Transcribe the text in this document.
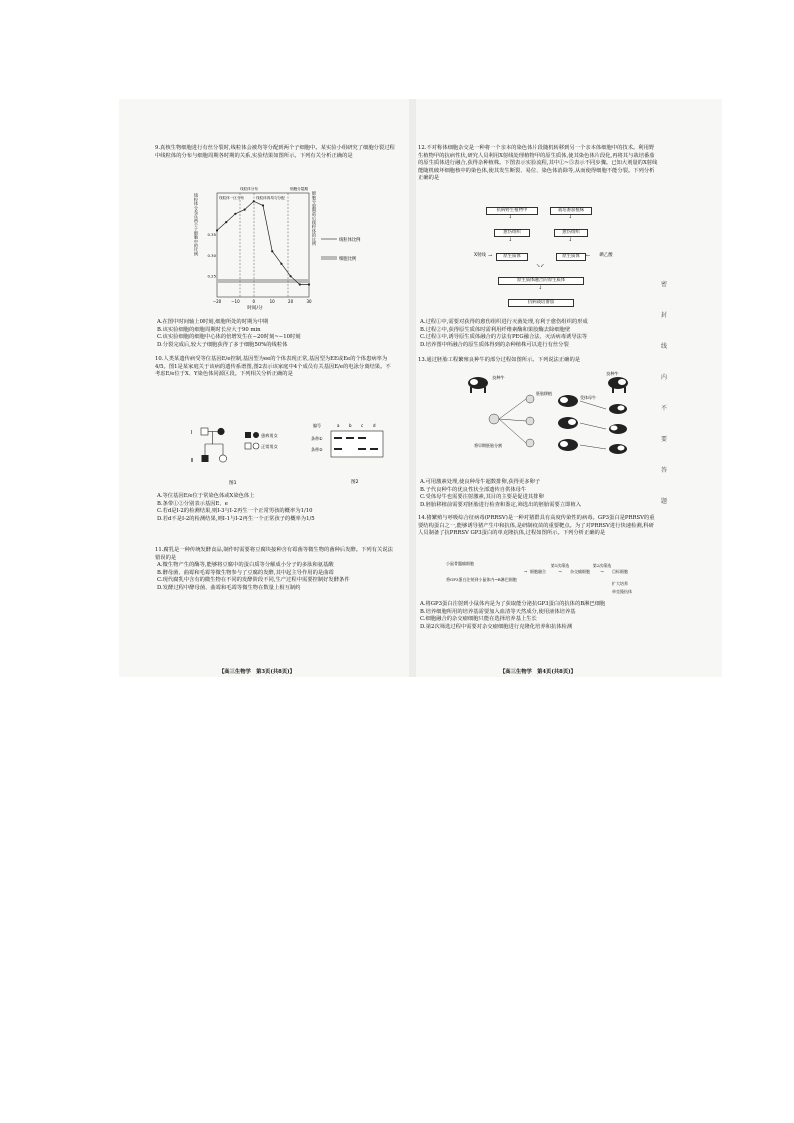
9.真核生物细胞进行有丝分裂时,线粒体会被均等分配到两个子细胞中。某实验小组研究了细胞分裂过程中线粒体的分布与细胞周期各时期的关系,实验结果如图所示。下列有关分析正确的是

−20 −10	0	10	20	30
0.35
0.30
0.25
线粒体比例
细胞比例
时间/分
线粒体一区分布
线粒体分布
线粒体再均匀分配
细胞分裂期
线粒体分布在两个子细胞中的比例	细胞分裂期前后线粒体的比例

A.在图中时间轴上0时刻,细胞所处的时期为中期

B.该实验细胞的细胞周期时长应大于90 min

C.该实验细胞的细胞中心体的倍增发生在−20时刻~−10时刻

D.分裂完成后,较大子细胞获得了多于细胞50%的线粒体

10.人类某遗传病受等位基因E/e控制,基因型为ee的个体表现正常,基因型为EE或Ee的个体患病率为4/5。图1是某家庭关于该病的遗传系谱图,图2表示该家庭中4个成员有关基因E/e的电泳分离结果。不考虑E/e位于X、Y染色体同源区段。下列相关分析正确的是

Ⅰ
Ⅱ
患病男女
正常男女
图1
编号	a b c d
条带①
条带②
图2

A.等位基因E/e位于常染色体或X染色体上

B.条带①②分别表示基因E、e

C.若d是Ⅰ-2的检测结果,则Ⅰ-3与Ⅰ-2再生一个正常男孩的概率为1/10

D.若d不是Ⅰ-2的检测结果,则Ⅰ-1与Ⅰ-2再生一个正常孩子的概率为1/5

11.腐乳是一种传统发酵食品,制作时需要将豆腐块接种含有霉菌等微生物的菌种后发酵。下列有关说法错误的是

A.微生物产生的酶等,能够将豆腐中的蛋白质等分解成小分子的多肽和氨基酸

B.酵母菌、曲霉和毛霉等微生物参与了豆腐的发酵,其中起主导作用的是曲霉

C.现代腐乳中含有的微生物在不同的发酵阶段不同,生产过程中需要控制好发酵条件

D.发酵过程中酵母菌、曲霉和毛霉等微生物在数量上相互制约

【高三生物学　第3页(共8页)】

12.不对称体细胞杂交是一种将一个亲本的染色体片段随机转移到另一个亲本体细胞中的技术。利用野生植物甲的抗病性状,研究人员利用X射线处理植物甲的原生质体,使其染色体片段化,再将其与栽培番茄的原生质体进行融合,获得杂种植株。下图表示实验流程,其中①~⑤表示不同步骤。已知大剂量的X射线能随机破坏细胞核中的染色体,使其发生断裂、易位、染色体消除等,从而使得细胞不能分裂。下列分析正确的是

抗病野生植物甲	栽培番茄植株
↓	↓
愈伤组织	愈伤组织
↓	↓
X射线 →	原生质体	原生质体	←	碘乙酸
↘↙
原生质体融合的原生质体
↓
抗病栽培番茄

A.过程①中,需要对获得的愈伤组织进行灭菌处理,有利于愈伤组织的形成

B.过程②中,获得原生质体时需利用纤维素酶和果胶酶去除细胞壁

C.过程③中,诱导原生质体融合的方法有PEG融合法、灭活病毒诱导法等

D.培养图中所融合的原生质体得到的杂种植株可以进行有丝分裂

13.通过胚胎工程繁殖良种牛的部分过程如图所示。下列说法正确的是

良种牛
良种牛
将早期胚胎分割
胚胎移植
受体母牛

A.可用激素处理,使良种母牛超数排卵,获得更多卵子

B.子代良种牛的优良性状全部遗传自供体母牛

C.受体母牛也需要注射激素,其目的主要是促进其排卵

D.胚胎移植前需要对胚胎进行检查和鉴定,筛选出的胚胎需要立即植入

14.猪繁殖与呼吸综合征病毒(PRRSV)是一种对猪群具有高度传染性的病毒。GP3蛋白是PRRSV的重要结构蛋白之一,能够诱导猪产生中和抗体,是研制疫苗的重要靶点。为了对PRRSV进行快速检测,科研人员制备了抗PRRSV GP3蛋白的单克隆抗体,过程如图所示。下列分析正确的是

小鼠骨髓瘤细胞
将GP3蛋白注射到小鼠体内→B淋巴细胞
→ 细胞融合
第1次筛选
→	杂交瘤细胞
第2次筛选
→	目标细胞
扩大培养
单克隆抗体

A.将GP3蛋白注射到小鼠体内是为了获取能分泌抗GP3蛋白的抗体的B淋巴细胞

B.培养细胞所用的培养基需要加入血清等天然成分,使用液体培养基

C.细胞融合的杂交瘤细胞只能在选择培养基上生长

D.第2次筛选过程中需要对杂交瘤细胞进行克隆化培养和抗体检测

【高三生物学　第4页(共8页)】
密
封
线
内
不
要
答
题
